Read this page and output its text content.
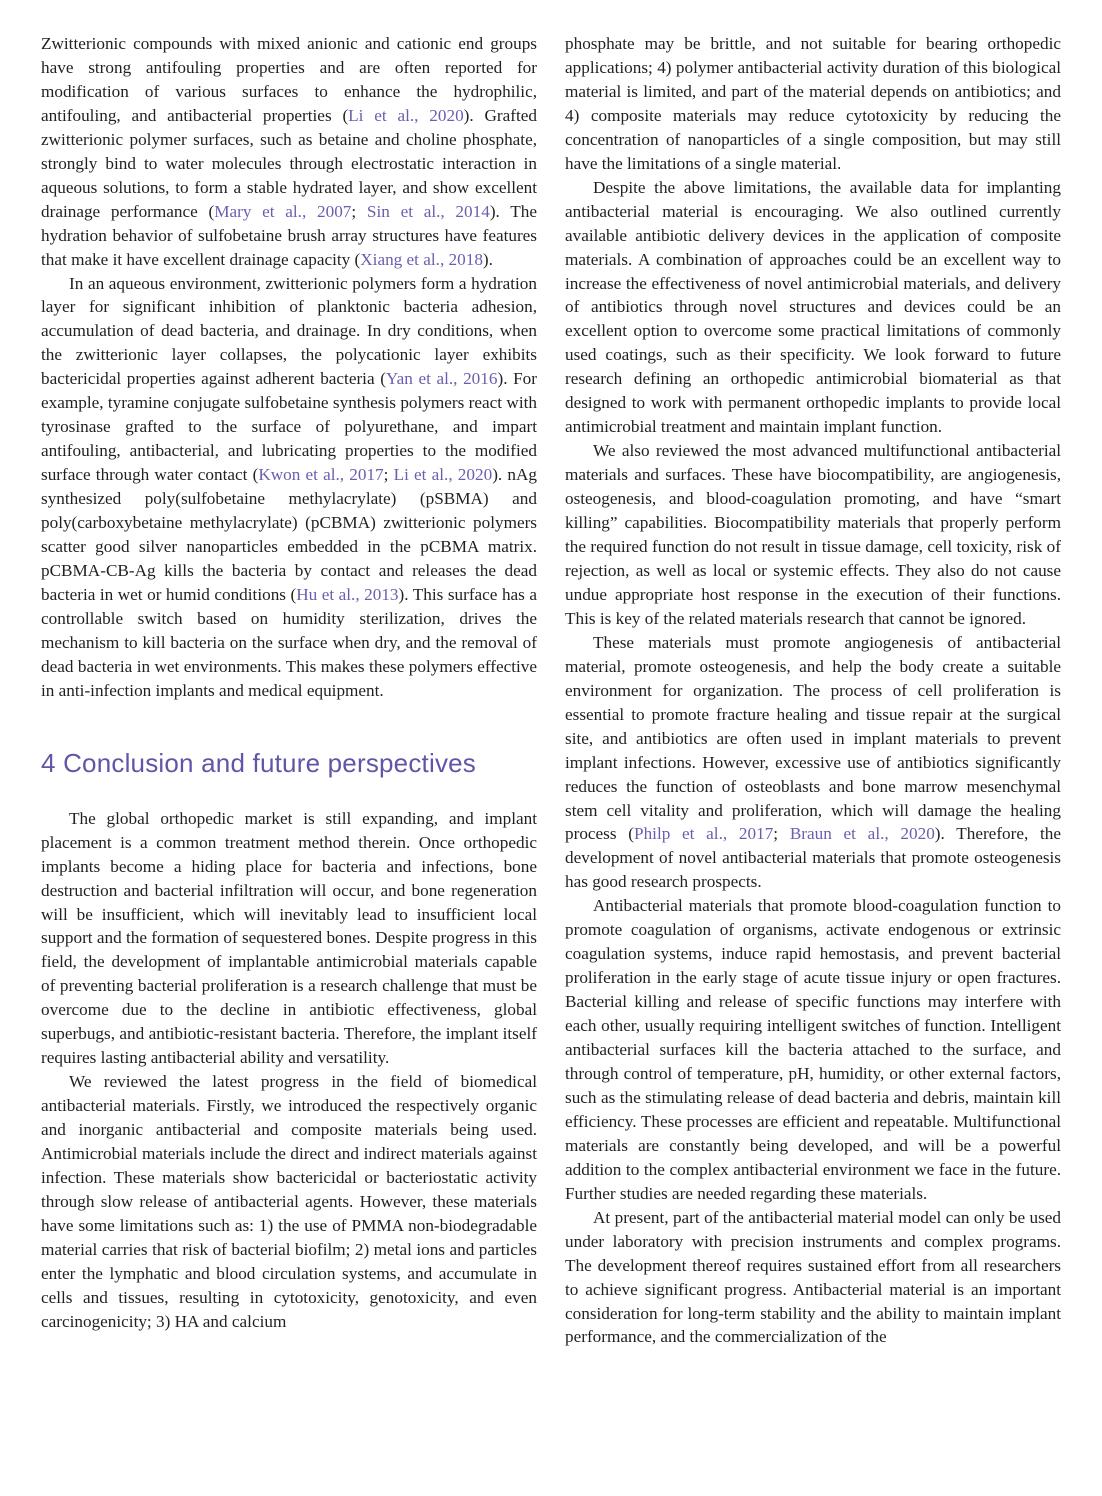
Zwitterionic compounds with mixed anionic and cationic end groups have strong antifouling properties and are often reported for modification of various surfaces to enhance the hydrophilic, antifouling, and antibacterial properties (Li et al., 2020). Grafted zwitterionic polymer surfaces, such as betaine and choline phosphate, strongly bind to water molecules through electrostatic interaction in aqueous solutions, to form a stable hydrated layer, and show excellent drainage performance (Mary et al., 2007; Sin et al., 2014). The hydration behavior of sulfobetaine brush array structures have features that make it have excellent drainage capacity (Xiang et al., 2018).

In an aqueous environment, zwitterionic polymers form a hydration layer for significant inhibition of planktonic bacteria adhesion, accumulation of dead bacteria, and drainage. In dry conditions, when the zwitterionic layer collapses, the polycationic layer exhibits bactericidal properties against adherent bacteria (Yan et al., 2016). For example, tyramine conjugate sulfobetaine synthesis polymers react with tyrosinase grafted to the surface of polyurethane, and impart antifouling, antibacterial, and lubricating properties to the modified surface through water contact (Kwon et al., 2017; Li et al., 2020). nAg synthesized poly(sulfobetaine methylacrylate) (pSBMA) and poly(carboxybetaine methylacrylate) (pCBMA) zwitterionic polymers scatter good silver nanoparticles embedded in the pCBMA matrix. pCBMA-CB-Ag kills the bacteria by contact and releases the dead bacteria in wet or humid conditions (Hu et al., 2013). This surface has a controllable switch based on humidity sterilization, drives the mechanism to kill bacteria on the surface when dry, and the removal of dead bacteria in wet environments. This makes these polymers effective in anti-infection implants and medical equipment.

4 Conclusion and future perspectives

The global orthopedic market is still expanding, and implant placement is a common treatment method therein. Once orthopedic implants become a hiding place for bacteria and infections, bone destruction and bacterial infiltration will occur, and bone regeneration will be insufficient, which will inevitably lead to insufficient local support and the formation of sequestered bones. Despite progress in this field, the development of implantable antimicrobial materials capable of preventing bacterial proliferation is a research challenge that must be overcome due to the decline in antibiotic effectiveness, global superbugs, and antibiotic-resistant bacteria. Therefore, the implant itself requires lasting antibacterial ability and versatility.

We reviewed the latest progress in the field of biomedical antibacterial materials. Firstly, we introduced the respectively organic and inorganic antibacterial and composite materials being used. Antimicrobial materials include the direct and indirect materials against infection. These materials show bactericidal or bacteriostatic activity through slow release of antibacterial agents. However, these materials have some limitations such as: 1) the use of PMMA non-biodegradable material carries that risk of bacterial biofilm; 2) metal ions and particles enter the lymphatic and blood circulation systems, and accumulate in cells and tissues, resulting in cytotoxicity, genotoxicity, and even carcinogenicity; 3) HA and calcium

phosphate may be brittle, and not suitable for bearing orthopedic applications; 4) polymer antibacterial activity duration of this biological material is limited, and part of the material depends on antibiotics; and 4) composite materials may reduce cytotoxicity by reducing the concentration of nanoparticles of a single composition, but may still have the limitations of a single material.

Despite the above limitations, the available data for implanting antibacterial material is encouraging. We also outlined currently available antibiotic delivery devices in the application of composite materials. A combination of approaches could be an excellent way to increase the effectiveness of novel antimicrobial materials, and delivery of antibiotics through novel structures and devices could be an excellent option to overcome some practical limitations of commonly used coatings, such as their specificity. We look forward to future research defining an orthopedic antimicrobial biomaterial as that designed to work with permanent orthopedic implants to provide local antimicrobial treatment and maintain implant function.

We also reviewed the most advanced multifunctional antibacterial materials and surfaces. These have biocompatibility, are angiogenesis, osteogenesis, and blood-coagulation promoting, and have “smart killing” capabilities. Biocompatibility materials that properly perform the required function do not result in tissue damage, cell toxicity, risk of rejection, as well as local or systemic effects. They also do not cause undue appropriate host response in the execution of their functions. This is key of the related materials research that cannot be ignored.

These materials must promote angiogenesis of antibacterial material, promote osteogenesis, and help the body create a suitable environment for organization. The process of cell proliferation is essential to promote fracture healing and tissue repair at the surgical site, and antibiotics are often used in implant materials to prevent implant infections. However, excessive use of antibiotics significantly reduces the function of osteoblasts and bone marrow mesenchymal stem cell vitality and proliferation, which will damage the healing process (Philp et al., 2017; Braun et al., 2020). Therefore, the development of novel antibacterial materials that promote osteogenesis has good research prospects.

Antibacterial materials that promote blood-coagulation function to promote coagulation of organisms, activate endogenous or extrinsic coagulation systems, induce rapid hemostasis, and prevent bacterial proliferation in the early stage of acute tissue injury or open fractures. Bacterial killing and release of specific functions may interfere with each other, usually requiring intelligent switches of function. Intelligent antibacterial surfaces kill the bacteria attached to the surface, and through control of temperature, pH, humidity, or other external factors, such as the stimulating release of dead bacteria and debris, maintain kill efficiency. These processes are efficient and repeatable. Multifunctional materials are constantly being developed, and will be a powerful addition to the complex antibacterial environment we face in the future. Further studies are needed regarding these materials.

At present, part of the antibacterial material model can only be used under laboratory with precision instruments and complex programs. The development thereof requires sustained effort from all researchers to achieve significant progress. Antibacterial material is an important consideration for long-term stability and the ability to maintain implant performance, and the commercialization of the
